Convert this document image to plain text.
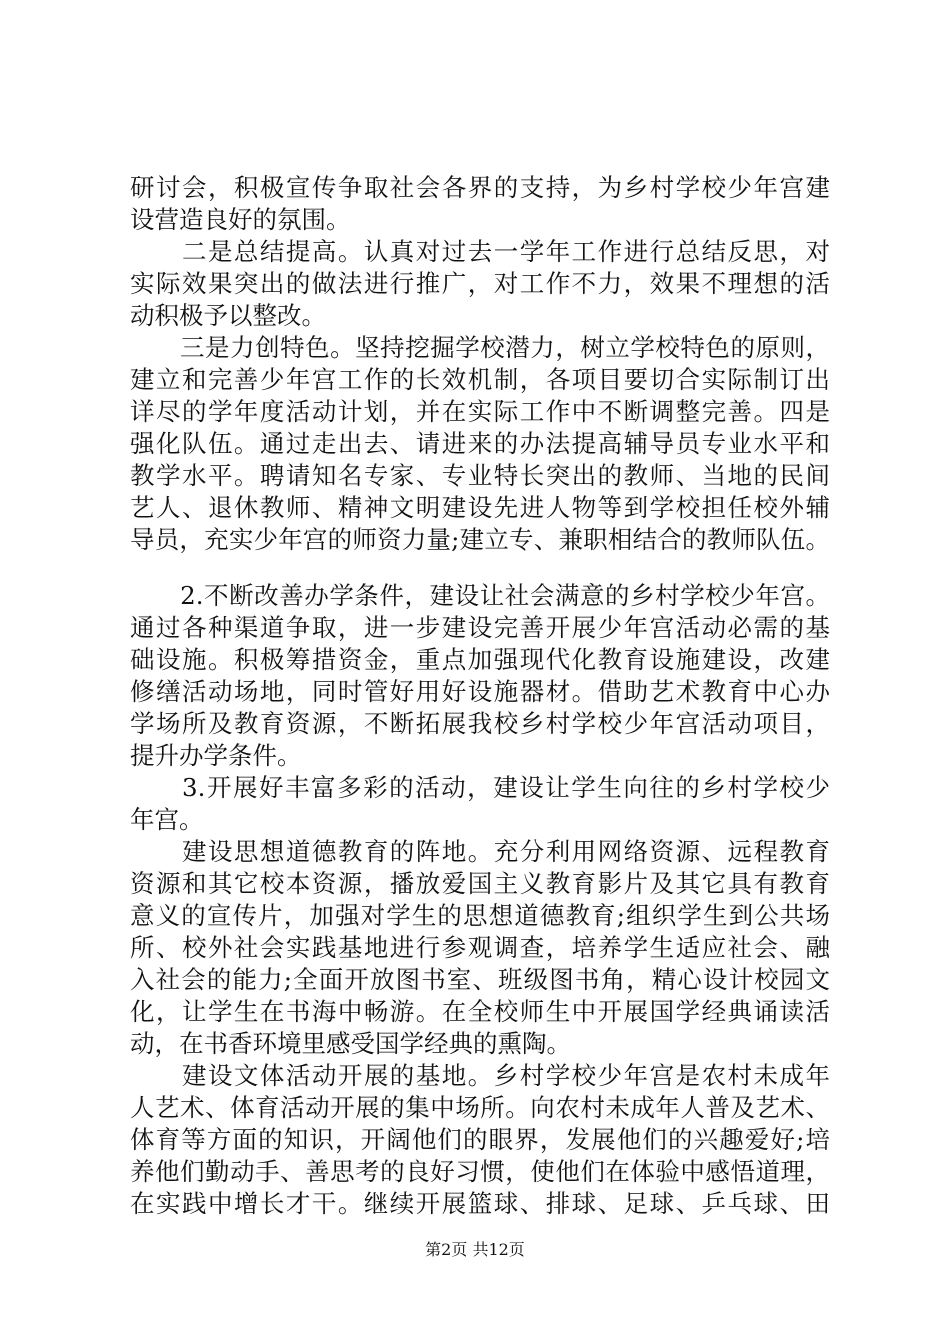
研讨会，积极宣传争取社会各界的支持，为乡村学校少年宫建
设营造良好的氛围。
　　二是总结提高。认真对过去一学年工作进行总结反思，对
实际效果突出的做法进行推广，对工作不力，效果不理想的活
动积极予以整改。
　　三是力创特色。坚持挖掘学校潜力，树立学校特色的原则，
建立和完善少年宫工作的长效机制，各项目要切合实际制订出
详尽的学年度活动计划，并在实际工作中不断调整完善。四是
强化队伍。通过走出去、请进来的办法提高辅导员专业水平和
教学水平。聘请知名专家、专业特长突出的教师、当地的民间
艺人、退休教师、精神文明建设先进人物等到学校担任校外辅
导员，充实少年宫的师资力量;建立专、兼职相结合的教师队伍。
　　2.不断改善办学条件，建设让社会满意的乡村学校少年宫。
通过各种渠道争取，进一步建设完善开展少年宫活动必需的基
础设施。积极筹措资金，重点加强现代化教育设施建设，改建
修缮活动场地，同时管好用好设施器材。借助艺术教育中心办
学场所及教育资源，不断拓展我校乡村学校少年宫活动项目，
提升办学条件。
　　3.开展好丰富多彩的活动，建设让学生向往的乡村学校少
年宫。
　　建设思想道德教育的阵地。充分利用网络资源、远程教育
资源和其它校本资源，播放爱国主义教育影片及其它具有教育
意义的宣传片，加强对学生的思想道德教育;组织学生到公共场
所、校外社会实践基地进行参观调查，培养学生适应社会、融
入社会的能力;全面开放图书室、班级图书角，精心设计校园文
化，让学生在书海中畅游。在全校师生中开展国学经典诵读活
动，在书香环境里感受国学经典的熏陶。
　　建设文体活动开展的基地。乡村学校少年宫是农村未成年
人艺术、体育活动开展的集中场所。向农村未成年人普及艺术、
体育等方面的知识，开阔他们的眼界，发展他们的兴趣爱好;培
养他们勤动手、善思考的良好习惯，使他们在体验中感悟道理，
在实践中增长才干。继续开展篮球、排球、足球、乒乓球、田
第2页 共12页
